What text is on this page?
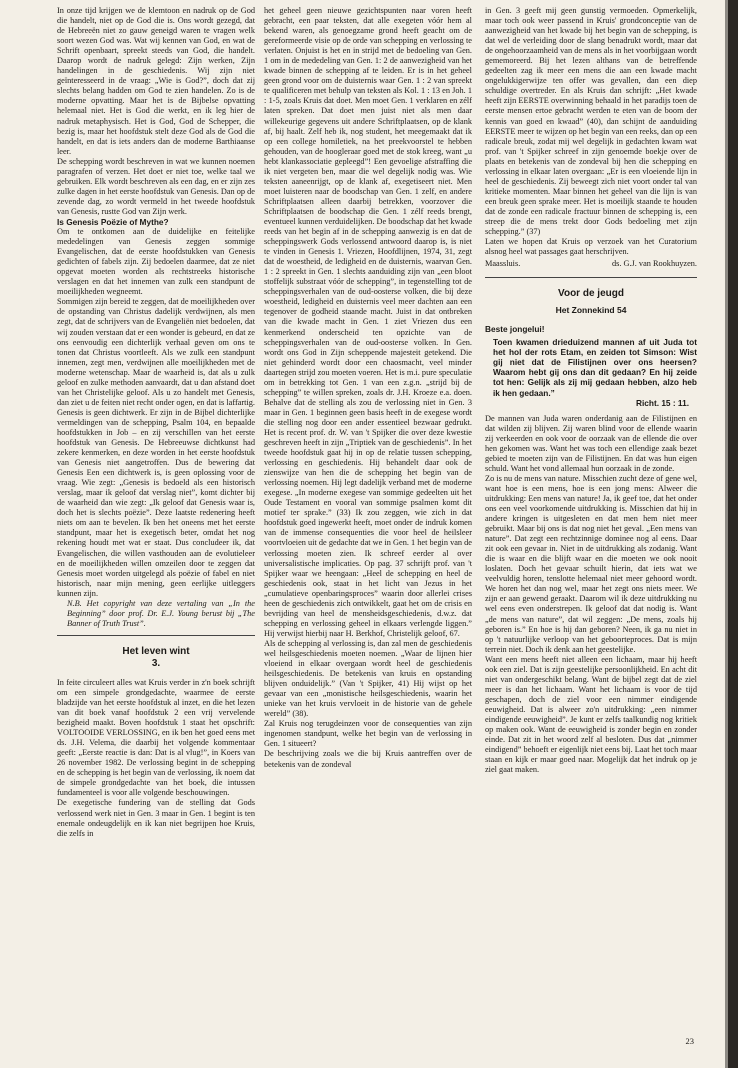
In onze tijd krijgen we de klemtoon en nadruk op de God die handelt, niet op de God die is. Ons wordt gezegd, dat de Hebreeën niet zo gauw geneigd waren te vragen welk soort wezen God was. Wat wij kennen van God, en wat de Schrift openbaart, spreekt steeds van God, die handelt. Daarop wordt de nadruk gelegd: Zijn werken, Zijn handelingen in de geschiedenis. Wij zijn niet geïnteresseerd in de vraag: „Wie is God?”, doch dat zij slechts belang hadden om God te zien handelen. Zo is de moderne opvatting. Maar het is de Bijbelse opvatting helemaal niet. Het is God die werkt, en ik leg hier de nadruk metaphysisch. Het is God, God de Schepper, die bezig is, maar het hoofdstuk stelt deze God als de God die handelt, en dat is iets anders dan de moderne Barthiaanse leer.

De schepping wordt beschreven in wat we kunnen noemen paragrafen of verzen. Het doet er niet toe, welke taal we gebruiken. Elk wordt beschreven als een dag, en er zijn zes zulke dagen in het eerste hoofdstuk van Genesis. Dan op de zevende dag, zo wordt vermeld in het tweede hoofdstuk van Genesis, rustte God van Zijn werk.

Is Genesis Poëzie of Mythe?

Om te ontkomen aan de duidelijke en feitelijke mededelingen van Genesis zeggen sommige Evangelischen, dat de eerste hoofdstukken van Genesis gedichten of fabels zijn. Zij bedoelen daarmee, dat ze niet opgevat moeten worden als rechtstreeks historische verslagen en dat het innemen van zulk een standpunt de moeilijkheden wegneemt.

Sommigen zijn bereid te zeggen, dat de moeilijkheden over de opstanding van Christus dadelijk verdwijnen, als men zegt, dat de schrijvers van de Evangeliën niet bedoelen, dat wij zouden verstaan dat er een wonder is gebeurd, en dat ze ons eenvoudig een dichterlijk verhaal geven om ons te tonen dat Christus voortleeft. Als we zulk een standpunt innemen, zegt men, verdwijnen alle moeilijkheden met de moderne wetenschap. Maar de waarheid is, dat als u zulk geloof en zulke methoden aanvaardt, dat u dan afstand doet van het Christelijke geloof. Als u zo handelt met Genesis, dan ziet u de feiten niet recht onder ogen, en dat is laffartig. Genesis is geen dichtwerk. Er zijn in de Bijbel dichterlijke vermeldingen van de schepping, Psalm 104, en bepaalde hoofdstukken in Job – en zij verschillen van het eerste hoofdstuk van Genesis. De Hebreeuwse dichtkunst had zekere kenmerken, en deze worden in het eerste hoofdstuk van Genesis niet aangetroffen. Dus de bewering dat Genesis Een een dichtwerk is, is geen oplossing voor de vraag. Wie zegt: „Genesis is bedoeld als een historisch verslag, maar ik geloof dat verslag niet”, komt dichter bij de waarheid dan wie zegt: „Ik geloof dat Genesis waar is, doch het is slechts poëzie”. Deze laatste redenering heeft niets om aan te bevelen. Ik ben het oneens met het eerste standpunt, maar het is exegetisch beter, omdat het nog rekening houdt met wat er staat. Dus concludeer ik, dat Evangelischen, die willen vasthouden aan de evolutieleer en de moeilijkheden willen omzeilen door te zeggen dat Genesis moet worden uitgelegd als poëzie of fabel en niet historisch, naar mijn mening, geen eerlijke uitleggers kunnen zijn.

N.B. Het copyright van deze vertaling van „In the Beginning” door prof. Dr. E.J. Young berust bij „The Banner of Truth Trust”.

Het leven wint

3.

In feite circuleert alles wat Kruis verder in z'n boek schrijft om een simpele grondgedachte, waarmee de eerste bladzijde van het eerste hoofdstuk al inzet, en die het lezen van dit boek vanaf hoofdstuk 2 een vrij vervelende bezigheid maakt. Boven hoofdstuk 1 staat het opschrift: VOLTOOIDE VERLOSSING, en ik ben het goed eens met ds. J.H. Velema, die daarbij het volgende kommentaar geeft: „Eerste reactie is dan: Dat is al vlug!”, in Koers van 26 november 1982. De verlossing begint in de schepping en de schepping is het begin van de verlossing, ik noem dat de simpele grondgedachte van het boek, die intussen fundamenteel is voor alle volgende beschouwingen.

De exegetische fundering van de stelling dat Gods verlossend werk niet in Gen. 3 maar in Gen. 1 begint is ten enemale ondeugdelijk en ik kan niet begrijpen hoe Kruis, die zelfs in

het geheel geen nieuwe gezichtspunten naar voren heeft gebracht, een paar teksten, dat alle exegeten vóór hem al bekend waren, als genoegzame grond heeft geacht om de gereformeerde visie op de orde van schepping en verlossing te verlaten. Onjuist is het en in strijd met de bedoeling van Gen. 1 om in de mededeling van Gen. 1: 2 de aanwezigheid van het kwade binnen de schepping af te leiden. Er is in het geheel geen grond voor om de duisternis waar Gen. 1 : 2 van spreekt te qualificeren met behulp van teksten als Kol. 1 : 13 en Joh. 1 : 1-5, zoals Kruis dat doet. Men moet Gen. 1 verklaren en zélf laten spreken. Dat doet men juist niet als men daar willekeurige gegevens uit andere Schriftplaatsen, op de klank af, bij haalt. Zelf heb ik, nog student, het meegemaakt dat ik op een college homiletiek, na het preekvoorstel te hebben gehouden, van de hoogleraar goed met de stok kreeg, want „u hebt klankassociatie gepleegd”! Een gevoelige afstraffing die ik niet vergeten ben, maar die wel degelijk nodig was. Wie teksten aaneenrijgt, op de klank af, exegetiseert niet. Men moet luisteren naar de boodschap van Gen. 1 zelf, en andere Schriftplaatsen alleen daarbij betrekken, voorzover die Schriftplaatsen de boodschap die Gen. 1 zélf reeds brengt, eventueel kunnen verduidelijken. De boodschap dat het kwade reeds van het begin af in de schepping aanwezig is en dat de scheppingswerk Gods verlossend antwoord daarop is, is niet te vinden in Genesis 1. Vriezen, Hoofdlijnen, 1974, 31, zegt dat de woestheid, de ledigheid en de duisternis, waarvan Gen. 1 : 2 spreekt in Gen. 1 slechts aanduiding zijn van „een bloot stoffelijk substraat vóór de schepping”, in tegenstelling tot de scheppingsverhalen van de oud-oosterse volken, die bij deze woestheid, ledigheid en duisternis veel meer dachten aan een tegenover de godheid staande macht. Juist in dat ontbreken van die kwade macht in Gen. 1 ziet Vriezen dus een kenmerkend onderscheid ten opzichte van de scheppingsverhalen van de oud-oosterse volken. In Gen. wordt ons God in Zijn scheppende majesteit getekend. Die niet gehinderd wordt door een chaosmacht, veel minder daartegen strijd zou moeten voeren. Het is m.i. pure speculatie om in betrekking tot Gen. 1 van een z.g.n. „strijd bij de schepping” te willen spreken, zoals dr. J.H. Kroeze e.a. doen. Behalve dat de stelling als zou de verlossing niet in Gen. 3 maar in Gen. 1 beginnen geen basis heeft in de exegese wordt die stelling nog door een ander essentieel bezwaar gedrukt. Het is recent prof. dr. W. van 't Spijker die over deze kwestie geschreven heeft in zijn „Triptiek van de geschiedenis”. In het tweede hoofdstuk gaat hij in op de relatie tussen schepping, verlossing en geschiedenis. Hij behandelt daar ook de zienswijze van hen die de schepping het begin van de verlossing noemen. Hij legt dadelijk verband met de moderne exegese. „In moderne exegese van sommige gedeelten uit het Oude Testament en vooral van sommige psalmen komt dit motief ter sprake.” (33) Ik zou zeggen, wie zich in dat hoofdstuk goed ingewerkt heeft, moet onder de indruk komen van de immense consequenties die voor heel de heilsleer voortvloeien uit de gedachte dat we in Gen. 1 het begin van de verlossing moeten zien. Ik schreef eerder al over universalistische implicaties. Op pag. 37 schrijft prof. van 't Spijker waar we heengaan: „Heel de schepping en heel de geschiedenis ook, staat in het licht van Jezus in het „cumulatieve openbaringsproces” waarin door allerlei crises heen de geschiedenis zich ontwikkelt, gaat het om de crisis en bevrijding van heel de mensheidsgeschiedenis, d.w.z. dat schepping en verlossing geheel in elkaars verlengde liggen.” Hij verwijst hierbij naar H. Berkhof, Christelijk geloof, 67.

Als de schepping al verlossing is, dan zal men de geschiedenis wel heilsgeschiedenis moeten noemen. „Waar de lijnen hier vloeiend in elkaar overgaan wordt heel de geschiedenis heilsgeschiedenis. De betekenis van kruis en opstanding blijven onduidelijk.” (Van 't Spijker, 41) Hij wijst op het gevaar van een „monistische heilsgeschiedenis, waarin het unieke van het kruis vervloeit in de historie van de gehele wereld” (38).

Zal Kruis nog terugdeinzen voor de consequenties van zijn ingenomen standpunt, welke het begin van de verlossing in Gen. 1 situeert?

De beschrijving zoals we die bij Kruis aantreffen over de betekenis van de zondeval

in Gen. 3 geeft mij geen gunstig vermoeden. Opmerkelijk, maar toch ook weer passend in Kruis' grondconceptie van de aanwezigheid van het kwade bij het begin van de schepping, is dat wel de verleiding door de slang benadrukt wordt, maar dat de ongehoorzaamheid van de mens als in het voorbijgaan wordt gememoreerd. Bij het lezen althans van de betreffende gedeelten zag ik meer een mens die aan een kwade macht ongelukkigerwijze ten offer was gevallen, dan een diep schuldige overtreder. En als Kruis dan schrijft: „Het kwade heeft zijn EERSTE overwinning behaald in het paradijs toen de eerste mensen ertoe gebracht werden te eten van de boom der kennis van goed en kwaad” (40), dan schijnt de aanduiding EERSTE meer te wijzen op het begin van een reeks, dan op een radicale breuk, zodat mij wel degelijk in gedachten kwam wat prof. van 't Spijker schreef in zijn genoemde boekje over de plaats en betekenis van de zondeval bij hen die schepping en verlossing in elkaar laten overgaan: „Er is een vloeiende lijn in heel de geschiedenis. Zij beweegt zich niet voort onder tal van kritieke momenten. Maar binnen het geheel van die lijn is van een breuk geen sprake meer. Het is moeilijk staande te houden dat de zonde een radicale fractuur binnen de schepping is, een streep die de mens trekt door Gods bedoeling met zijn schepping.” (37)

Laten we hopen dat Kruis op verzoek van het Curatorium alsnog heel wat passages gaat herschrijven.

Maassluis.	ds. G.J. van Rookhuyzen.

Voor de jeugd

Het Zonnekind 54

Beste jongelui!

Toen kwamen drieduizend mannen af uit Juda tot het hol der rots Etam, en zeiden tot Simson: Wist gij niet dat de Filistijnen over ons heersen? Waarom hebt gij ons dan dit gedaan? En hij zeide tot hen: Gelijk als zij mij gedaan hebben, alzo heb ik hen gedaan.”

Richt. 15 : 11.

De mannen van Juda waren onderdanig aan de Filistijnen en dat wilden zij blijven. Zij waren blind voor de ellende waarin zij verkeerden en ook voor de oorzaak van de ellende die over hen gekomen was. Want het was toch een ellendige zaak bezet gebied te moeten zijn van de Filistijnen. En dat was hun eigen schuld. Want het vond allemaal hun oorzaak in de zonde.

Zo is nu de mens van nature. Misschien zucht deze of gene wel, want hoe is een mens, hoe is een jong mens: Alweer die uitdrukking: Een mens van nature! Ja, ik geef toe, dat het onder ons een veel voorkomende uitdrukking is. Misschien dat hij in andere kringen is uitgesleten en dat men hem niet meer gebruikt. Maar bij ons is dat nog niet het geval. „Een mens van nature”. Dat zegt een rechtzinnige dominee nog al eens. Daar zit ook een gevaar in. Niet in de uitdrukking als zodanig. Want die is waar en die blijft waar en die moeten we ook nooit loslaten. Doch het gevaar schuilt hierin, dat iets wat we veelvuldig horen, tenslotte helemaal niet meer gehoord wordt. We horen het dan nog wel, maar het zegt ons niets meer. We zijn er aan gewend geraakt. Daarom wil ik deze uitdrukking nu wel eens even onderstrepen. Ik geloof dat dat nodig is. Want „de mens van nature”, dat wil zeggen: „De mens, zoals hij geboren is.” En hoe is hij dan geboren? Neen, ik ga nu niet in op 't natuurlijke verloop van het geboorteproces. Dat is mijn terrein niet. Doch ik denk aan het geestelijke.

Want een mens heeft niet alleen een lichaam, maar hij heeft ook een ziel. Dat is zijn geestelijke persoonlijkheid. En acht dit niet van ondergeschikt belang. Want de bijbel zegt dat de ziel meer is dan het lichaam. Want het lichaam is voor de tijd geschapen, doch de ziel voor een nimmer eindigende eeuwigheid. Dat is alweer zo'n uitdrukking: „een nimmer eindigende eeuwigheid”. Je kunt er zelfs taalkundig nog kritiek op maken ook. Want de eeuwigheid is zonder begin en zonder einde. Dat zit in het woord zelf al besloten. Dus dat „nimmer eindigend” behoeft er eigenlijk niet eens bij. Laat het toch maar staan en kijk er maar goed naar. Mogelijk dat het indruk op je ziel gaat maken.

23
